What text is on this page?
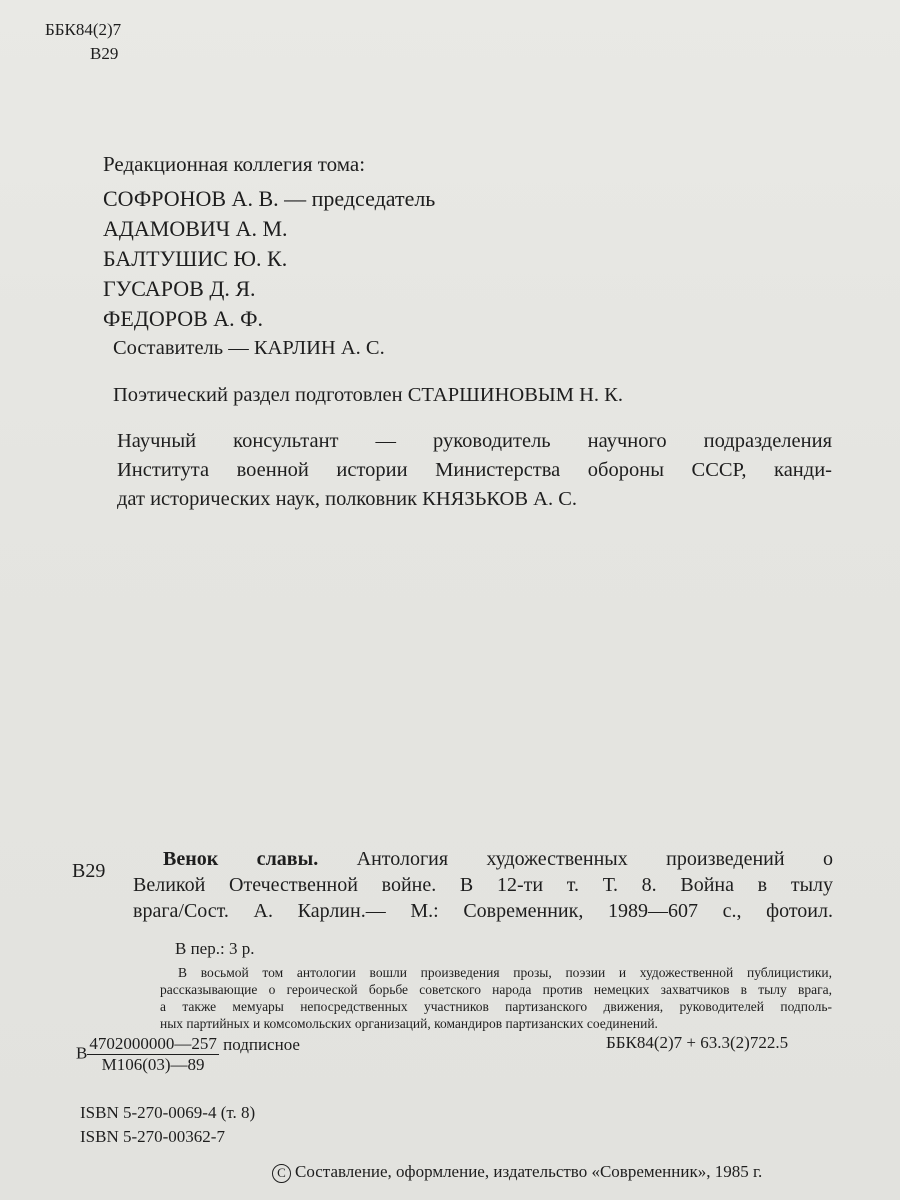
ББК84(2)7
В29
Редакционная коллегия тома:
СОФРОНОВ А. В. — председатель
АДАМОВИЧ А. М.
БАЛТУШИС Ю. К.
ГУСАРОВ Д. Я.
ФЕДОРОВ А. Ф.
Составитель — КАРЛИН А. С.
Поэтический раздел подготовлен СТАРШИНОВЫМ Н. К.
Научный консультант — руководитель научного подразделения
Института военной истории Министерства обороны СССР, канди-
дат исторических наук, полковник КНЯЗЬКОВ А. С.
В29
Венок славы. Антология художественных произведений о
Великой Отечественной войне. В 12-ти т. Т. 8. Война в тылу
врага/Сост. А. Карлин.— М.: Современник, 1989—607 с., фотоил.
В пер.: 3 р.
В восьмой том антологии вошли произведения прозы, поэзии и художественной публицистики,
рассказывающие о героической борьбе советского народа против немецких захватчиков в тылу врага,
а также мемуары непосредственных участников партизанского движения, руководителей подполь-
ных партийных и комсомольских организаций, командиров партизанских соединений.
В $\frac{4702000000—257}{М106(03)—89}$ подписное	ББК84(2)7 + 63.3(2)722.5
ISBN 5-270-0069-4 (т. 8)
ISBN 5-270-00362-7
C Составление, оформление, издательство «Современник», 1985 г.
